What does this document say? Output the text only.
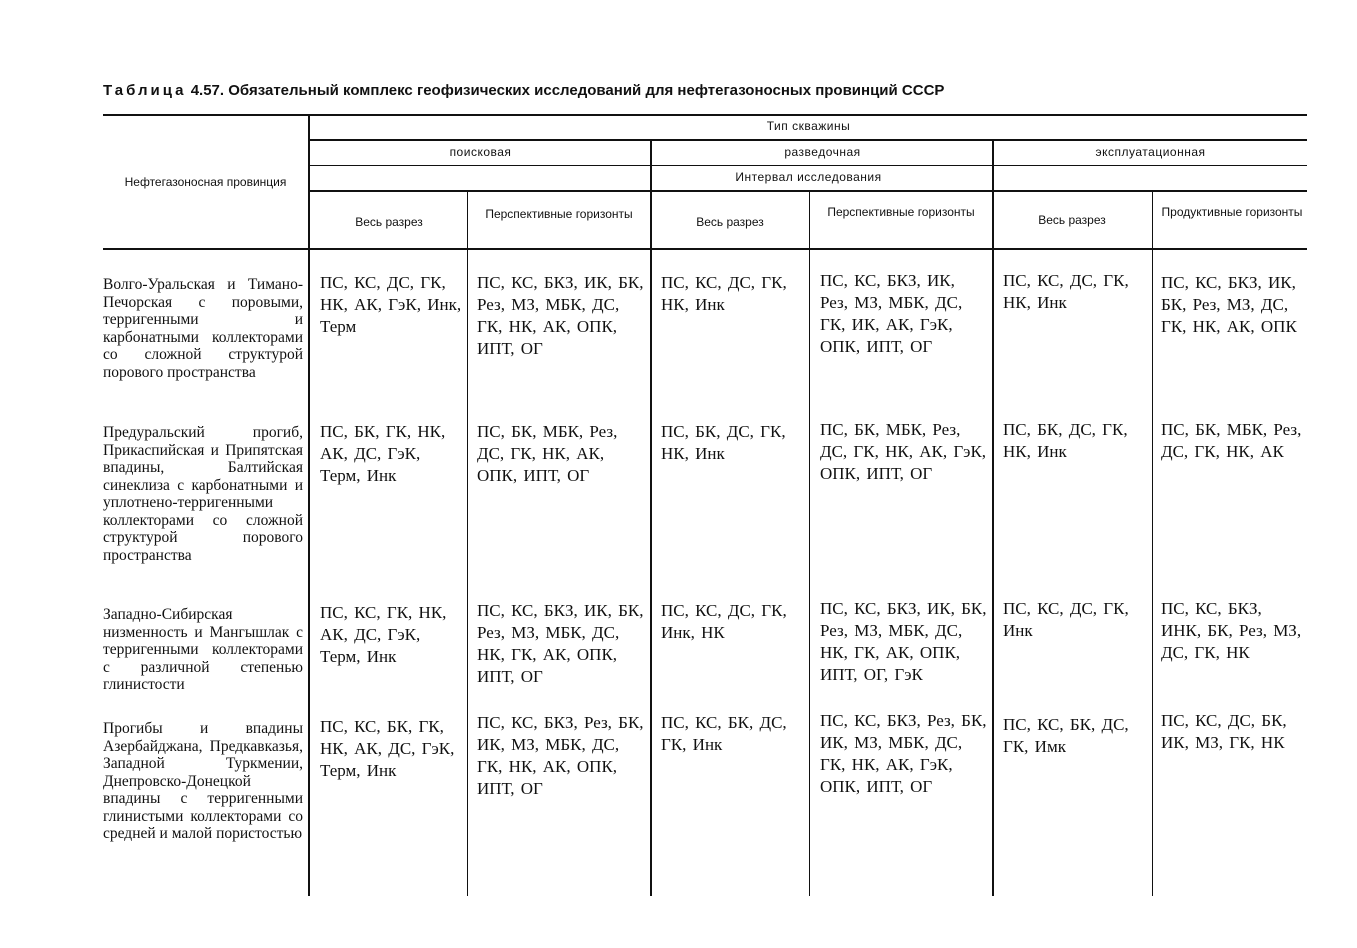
Таблица 4.57. Обязательный комплекс геофизических исследований для нефтегазоносных провинций СССР
Нефтегазоносная провинция
Тип скважины
поисковая	разведочная	эксплуатационная
Интервал исследования
Весь разрез
Перспективные горизонты
Весь разрез
Перспективные горизонты
Весь разрез
Продуктивные горизонты
Волго-Уральская и Тимано-Печорская с поровыми, терригенными и карбонатными коллекторами со сложной структурой порового пространства
ПС, КС, ДС, ГК, НК, АК, ГэК, Инк, Терм
ПС, КС, БКЗ, ИК, БК, Рез, МЗ, МБК, ДС, ГК, НК, АК, ОПК, ИПТ, ОГ
ПС, КС, ДС, ГК, НК, Инк
ПС, КС, БКЗ, ИК, Рез, МЗ, МБК, ДС, ГК, ИК, АК, ГэК, ОПК, ИПТ, ОГ
ПС, КС, ДС, ГК, НК, Инк
ПС, КС, БКЗ, ИК, БК, Рез, МЗ, ДС, ГК, НК, АК, ОПК
Предуральский прогиб, Прикаспийская и Припятская впадины, Балтийская синеклиза с карбонатными и уплотнено-терригенными коллекторами со сложной структурой порового пространства
ПС, БК, ГК, НК, АК, ДС, ГэК, Терм, Инк
ПС, БК, МБК, Рез, ДС, ГК, НК, АК, ОПК, ИПТ, ОГ
ПС, БК, ДС, ГК, НК, Инк
ПС, БК, МБК, Рез, ДС, ГК, НК, АК, ГэК, ОПК, ИПТ, ОГ
ПС, БК, ДС, ГК, НК, Инк
ПС, БК, МБК, Рез, ДС, ГК, НК, АК
Западно-Сибирская низменность и Мангышлак с терригенными коллекторами с различной степенью глинистости
ПС, КС, ГК, НК, АК, ДС, ГэК, Терм, Инк
ПС, КС, БКЗ, ИК, БК, Рез, МЗ, МБК, ДС, НК, ГК, АК, ОПК, ИПТ, ОГ
ПС, КС, ДС, ГК, Инк, НК
ПС, КС, БКЗ, ИК, БК, Рез, МЗ, МБК, ДС, НК, ГК, АК, ОПК, ИПТ, ОГ, ГэК
ПС, КС, ДС, ГК, Инк
ПС, КС, БКЗ, ИНК, БК, Рез, МЗ, ДС, ГК, НК
Прогибы и впадины Азербайджана, Предкавказья, Западной Туркмении, Днепровско-Донецкой впадины с терригенными глинистыми коллекторами со средней и малой пористостью
ПС, КС, БК, ГК, НК, АК, ДС, ГэК, Терм, Инк
ПС, КС, БКЗ, Рез, БК, ИК, МЗ, МБК, ДС, ГК, НК, АК, ОПК, ИПТ, ОГ
ПС, КС, БК, ДС, ГК, Инк
ПС, КС, БКЗ, Рез, БК, ИК, МЗ, МБК, ДС, ГК, НК, АК, ГэК, ОПК, ИПТ, ОГ
ПС, КС, БК, ДС, ГК, Имк
ПС, КС, ДС, БК, ИК, МЗ, ГК, НК
